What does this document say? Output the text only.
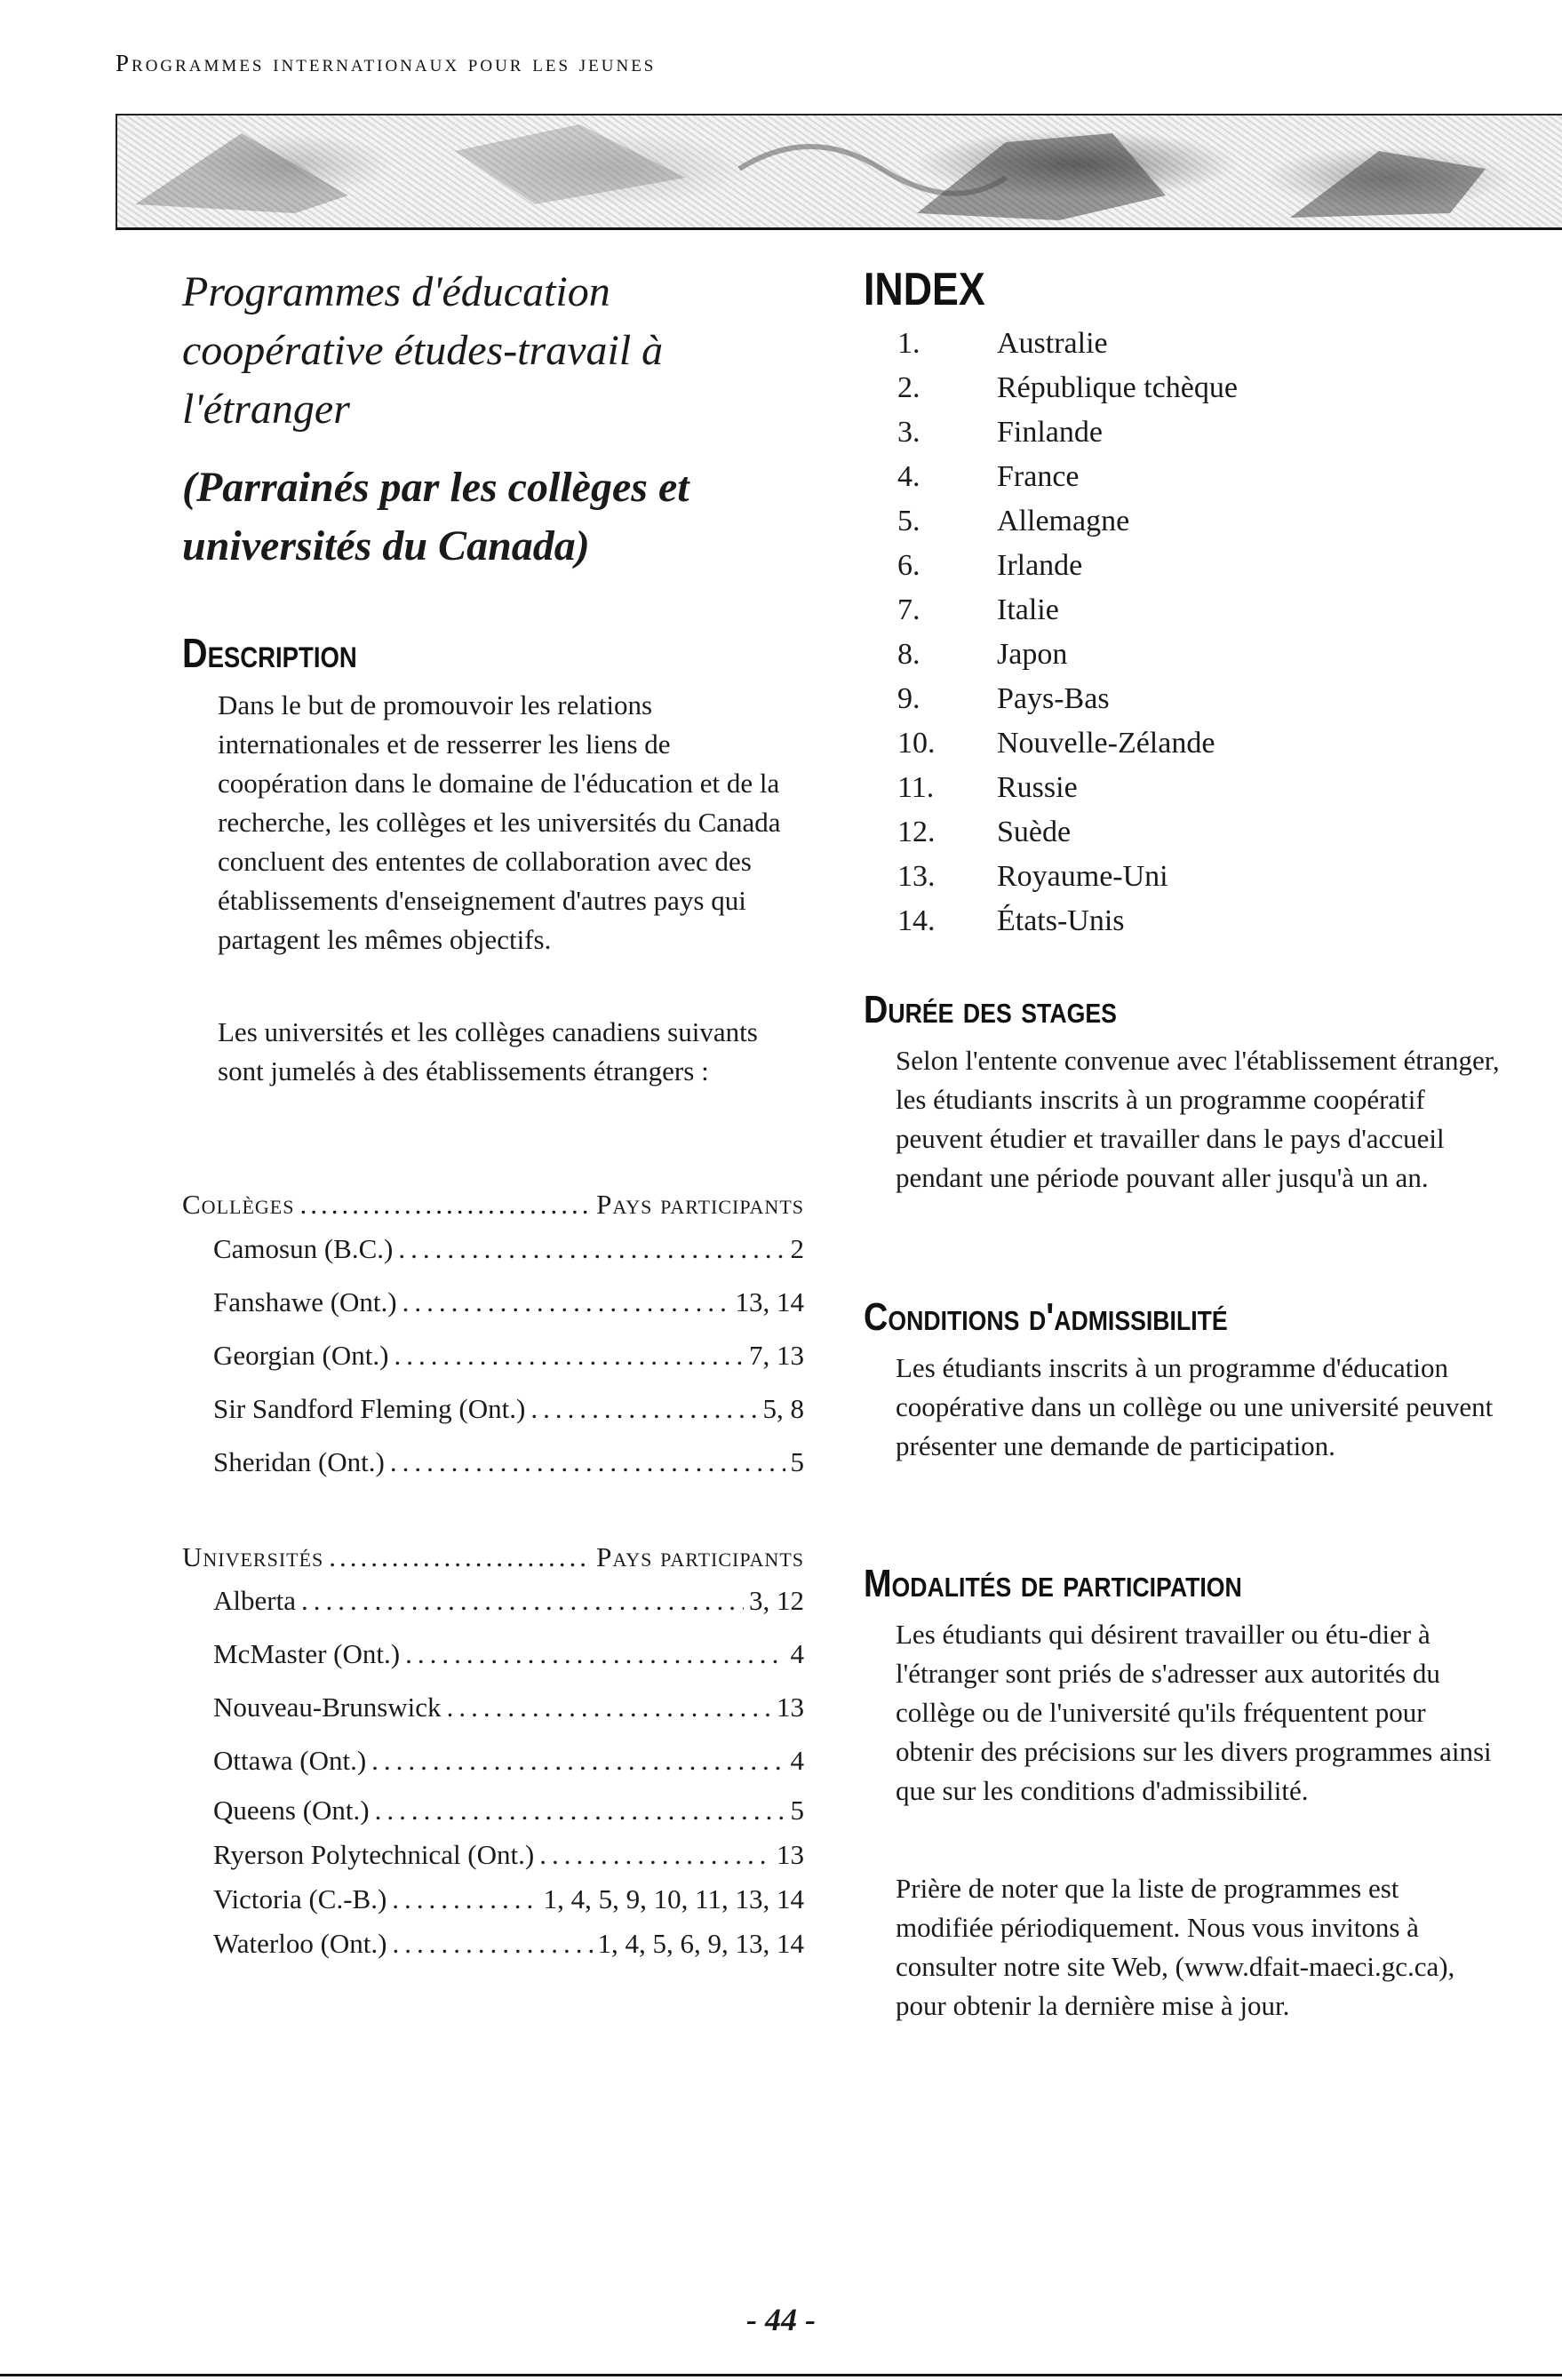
Programmes internationaux pour les jeunes
Programmes d'éducation coopérative études-travail à l'étranger
(Parrainés par les collèges et universités du Canada)
Description

Dans le but de promouvoir les relations internationales et de resserrer les liens de coopération dans le domaine de l'éducation et de la recherche, les collèges et les universités du Canada concluent des ententes de collaboration avec des établissements d'enseignement d'autres pays qui partagent les mêmes objectifs.

Les universités et les collèges canadiens suivants sont jumelés à des établissements étrangers :

Collèges .....	Pays participants
Camosun (B.C.) .....	2
Fanshawe (Ont.) .....	13, 14
Georgian (Ont.) .....	7, 13
Sir Sandford Fleming (Ont.) .....	5, 8
Sheridan (Ont.) .....	5
Universités .....	Pays participants
Alberta .....	3, 12
McMaster (Ont.) .....	4
Nouveau-Brunswick .....	13
Ottawa (Ont.) .....	4
Queens (Ont.) .....	5
Ryerson Polytechnical (Ont.) .....	13
Victoria (C.-B.) .....	1, 4, 5, 9, 10, 11, 13, 14
Waterloo (Ont.) .....	1, 4, 5, 6, 9, 13, 14
INDEX
1.	Australie
2.	République tchèque
3.	Finlande
4.	France
5.	Allemagne
6.	Irlande
7.	Italie
8.	Japon
9.	Pays-Bas
10. Nouvelle-Zélande
11. Russie
12. Suède
13. Royaume-Uni
14. États-Unis
Durée des stages

Selon l'entente convenue avec l'établissement étranger, les étudiants inscrits à un programme coopératif peuvent étudier et travailler dans le pays d'accueil pendant une période pouvant aller jusqu'à un an.

Conditions d'admissibilité

Les étudiants inscrits à un programme d'éducation coopérative dans un collège ou une université peuvent présenter une demande de participation.

Modalités de participation

Les étudiants qui désirent travailler ou étu-dier à l'étranger sont priés de s'adresser aux autorités du collège ou de l'université qu'ils fréquentent pour obtenir des précisions sur les divers programmes ainsi que sur les conditions d'admissibilité.

Prière de noter que la liste de programmes est modifiée périodiquement. Nous vous invitons à consulter notre site Web, (www.dfait-maeci.gc.ca), pour obtenir la dernière mise à jour.

- 44 -
